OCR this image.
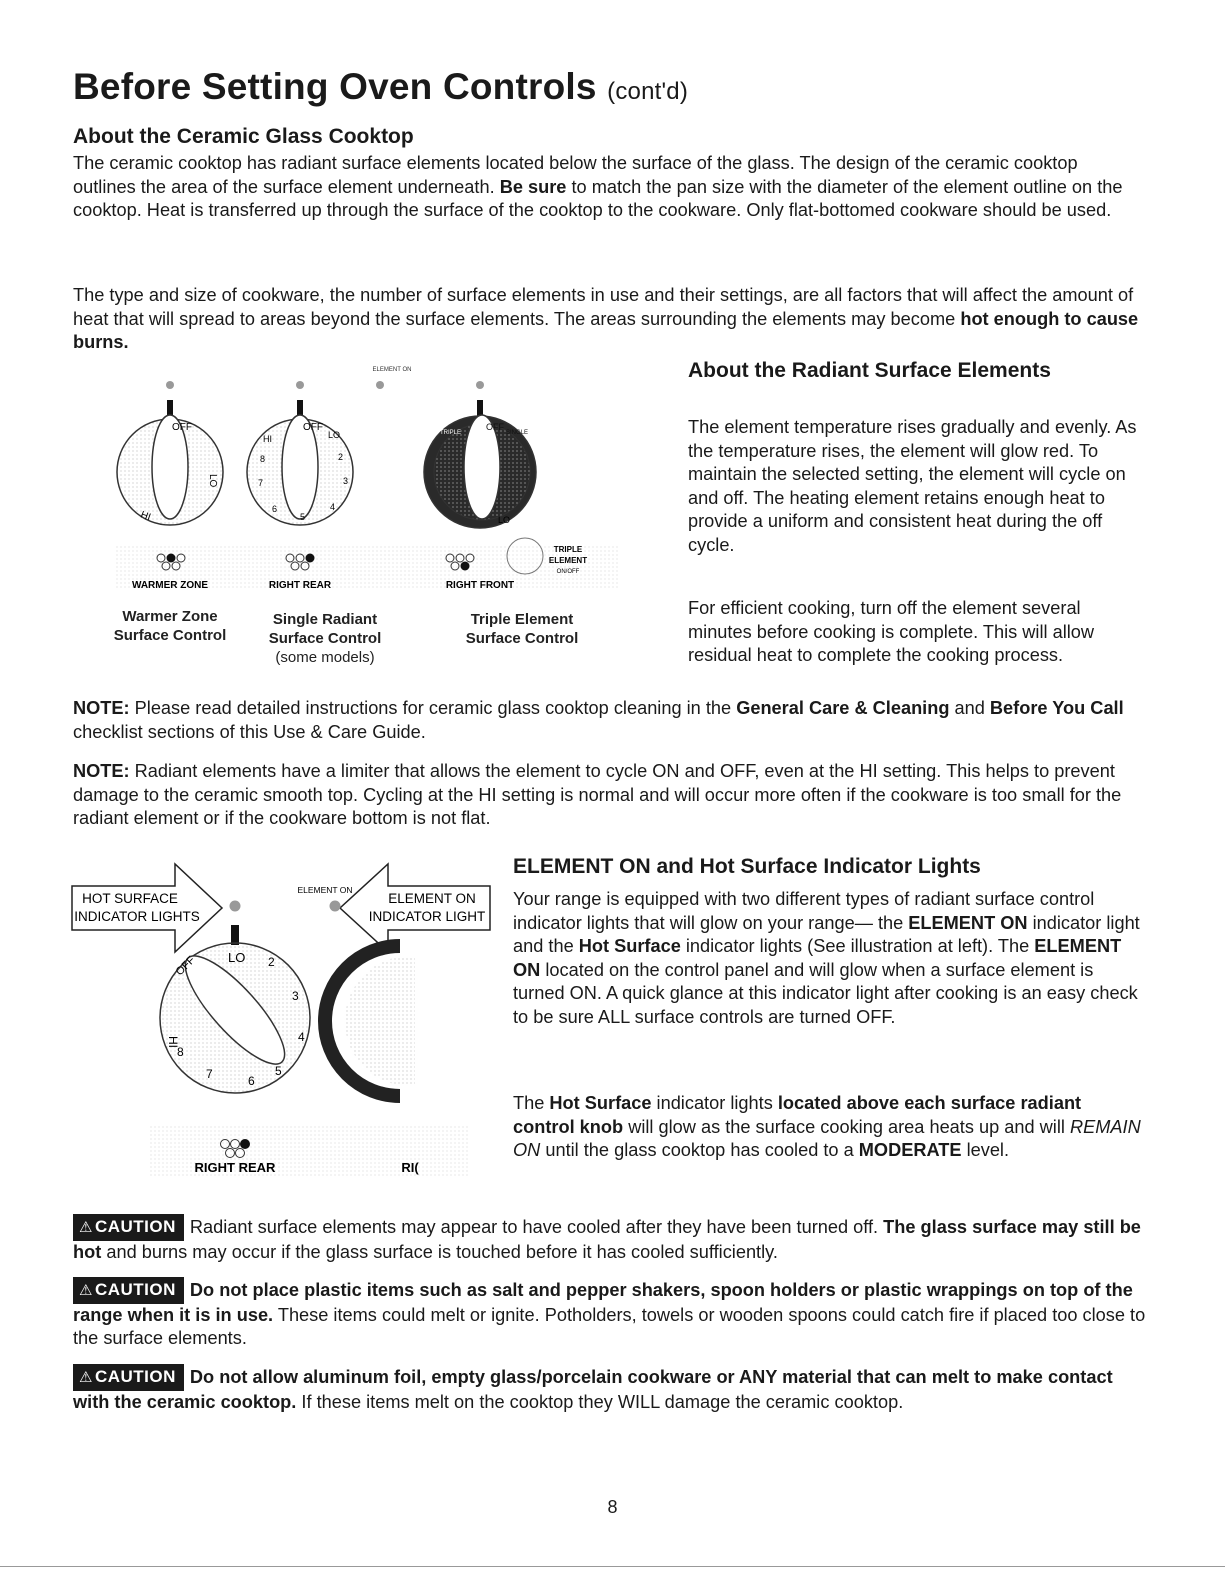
Before Setting Oven Controls (cont'd)
About the Ceramic Glass Cooktop

The ceramic cooktop has radiant surface elements located below the surface of the glass. The design of the ceramic cooktop outlines the area of the surface element underneath. Be sure to match the pan size with the diameter of the element outline on the cooktop. Heat is transferred up through the surface of the cooktop to the cookware. Only flat-bottomed cookware should be used.

The type and size of cookware, the number of surface elements in use and their settings, are all factors that will affect the amount of heat that will spread to areas beyond the surface elements. The areas surrounding the elements may become hot enough to cause burns.

ELEMENT ON
OFF
HI
LO
OFF
LO
HI
2
3
4
5
6
7
8
OFF
SINGLE
TRIPLE
LO
WARMER ZONE	RIGHT REAR	RIGHT FRONT
TRIPLE
ELEMENT
ON/OFF
Warmer Zone
Surface Control
Single Radiant
Surface Control
(some models)
Triple Element
Surface Control
About the Radiant Surface Elements

The element temperature rises gradually and evenly. As the temperature rises, the element will glow red. To maintain the selected setting, the element will cycle on and off. The heating element retains enough heat to provide a uniform and consistent heat during the off cycle.

For efficient cooking, turn off the element several minutes before cooking is complete. This will allow residual heat to complete the cooking process.

NOTE: Please read detailed instructions for ceramic glass cooktop cleaning in the General Care & Cleaning and Before You Call checklist sections of this Use & Care Guide.

NOTE: Radiant elements have a limiter that allows the element to cycle ON and OFF, even at the HI setting. This helps to prevent damage to the ceramic smooth top. Cycling at the HI setting is normal and will occur more often if the cookware is too small for the radiant element or if the cookware bottom is not flat.

HOT SURFACE
INDICATOR LIGHTS
ELEMENT ON
INDICATOR LIGHT
ELEMENT ON
LO
OFF
HI
2
3
4
5
6
7
8
RIGHT REAR	RI(
ELEMENT ON and Hot Surface Indicator Lights

Your range is equipped with two different types of radiant surface control indicator lights that will glow on your range— the ELEMENT ON indicator light and the Hot Surface indicator lights (See illustration at left). The ELEMENT ON located on the control panel and will glow when a surface element is turned ON. A quick glance at this indicator light after cooking is an easy check to be sure ALL surface controls are turned OFF.

The Hot Surface indicator lights located above each surface radiant control knob will glow as the surface cooking area heats up and will REMAIN ON until the glass cooktop has cooled to a MODERATE level.

⚠ CAUTION Radiant surface elements may appear to have cooled after they have been turned off. The glass surface may still be hot and burns may occur if the glass surface is touched before it has cooled sufficiently.

⚠ CAUTION Do not place plastic items such as salt and pepper shakers, spoon holders or plastic wrappings on top of the range when it is in use. These items could melt or ignite. Potholders, towels or wooden spoons could catch fire if placed too close to the surface elements.

⚠ CAUTION Do not allow aluminum foil, empty glass/porcelain cookware or ANY material that can melt to make contact with the ceramic cooktop. If these items melt on the cooktop they WILL damage the ceramic cooktop.

8
